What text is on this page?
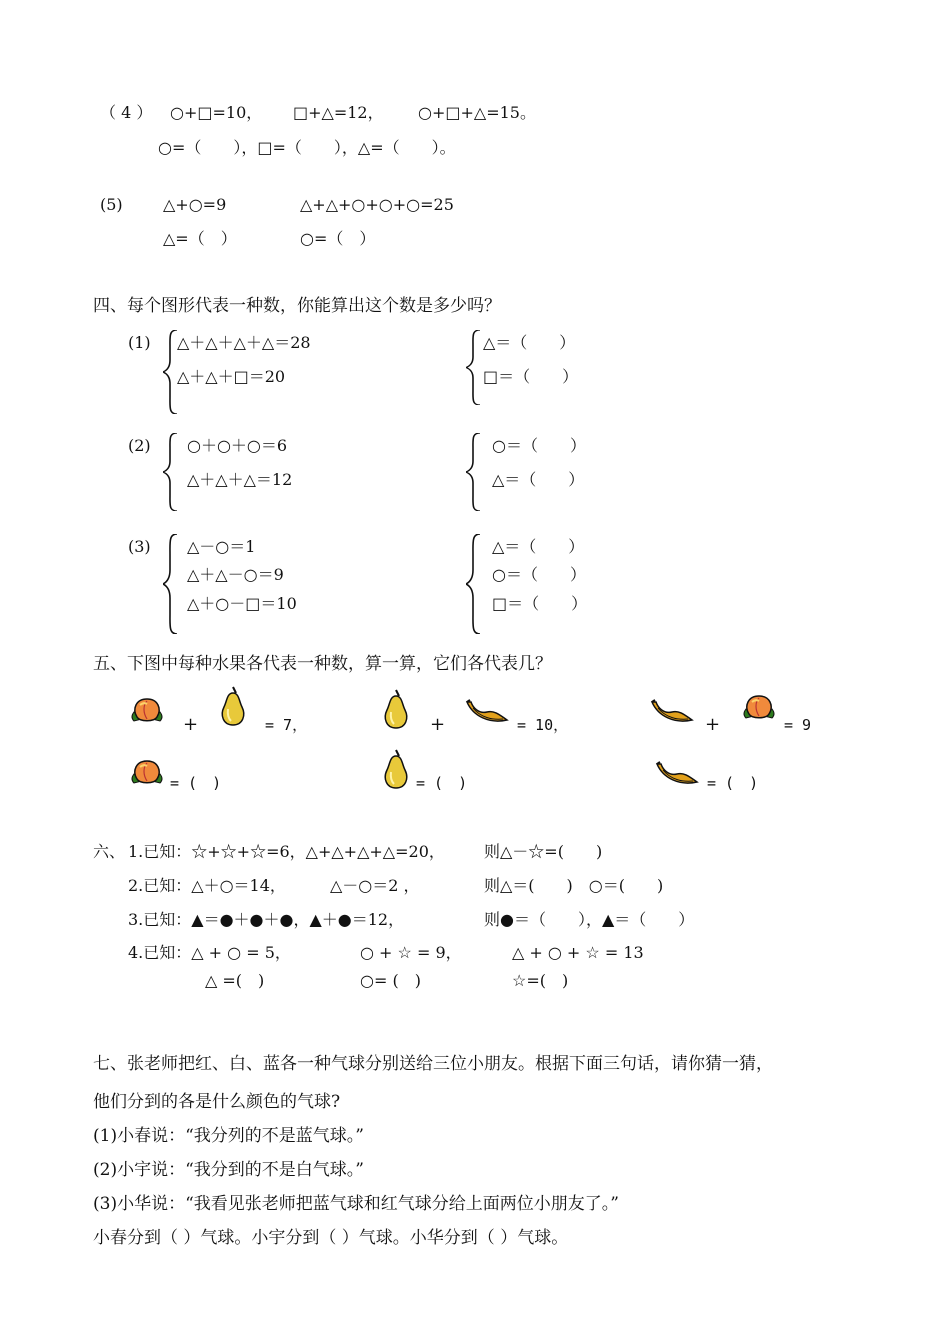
（ 4 ） ○+□=10， □+△=12， ○+□+△=15。
○=（　　），□=（　　），△=（　　）。
(5)	△+○=9	△+△+○+○+○=25
△=（　）	○=（　）
四、每个图形代表一种数，你能算出这个数是多少吗？
(1) △＋△＋△＋△＝28
△＋△＋□＝20
△＝（　　）
□＝（　　）
(2) ○＋○＋○＝6
△＋△＋△＝12
○＝（　　）
△＝（　　）
(3) △－○＝1
△＋△－○＝9
△＋○－□＝10
△＝（　　）
○＝（　　）
□＝（　　）
五、下图中每种水果各代表一种数，算一算，它们各代表几？
+	= 7，	+	= 10，	+	= 9
= (　)	= (　)	= (　)
六、 1.已知：☆+☆+☆=6，△+△+△+△=20， 则△－☆=(　　)
2.已知：△＋○＝14，	△－○＝2 ，	则△＝(　　)　○＝(　　)
3.已知：▲＝●＋●＋●，▲＋●＝12，	则●＝（　　），▲＝（　　）
4.已知：△ + ○ = 5，	○ + ☆ = 9，	△ + ○ + ☆ = 13
△ =(　)	○= (　)	☆=(　)
七、张老师把红、白、蓝各一种气球分别送给三位小朋友。根据下面三句话，请你猜一猜，
他们分到的各是什么颜色的气球?
(1)小春说：“我分列的不是蓝气球。”
(2)小宇说：“我分到的不是白气球。”
(3)小华说：“我看见张老师把蓝气球和红气球分给上面两位小朋友了。”
小春分到（ ）气球。小宇分到（ ）气球。小华分到（ ）气球。
